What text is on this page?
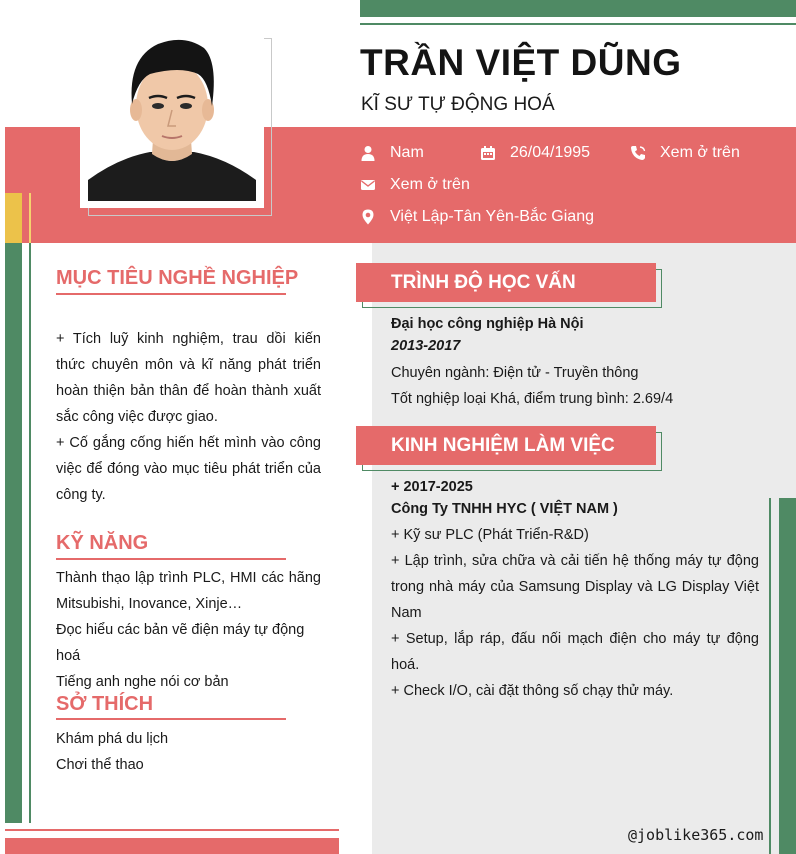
TRẦN VIỆT DŨNG
KĨ SƯ TỰ ĐỘNG HOÁ
Nam	26/04/1995	Xem ở trên
Xem ở trên
Việt Lập-Tân Yên-Bắc Giang
MỤC TIÊU NGHỀ NGHIỆP

+ Tích luỹ kinh nghiệm, trau dồi kiến thức chuyên môn và kĩ năng phát triển hoàn thiện bản thân để hoàn thành xuất sắc công việc được giao.

+ Cố gắng cống hiến hết mình vào công việc để đóng vào mục tiêu phát triển của công ty.

KỸ NĂNG

Thành thạo lập trình PLC, HMI các hãng Mitsubishi, Inovance, Xinje…

Đọc hiểu các bản vẽ điện máy tự động hoá

Tiếng anh nghe nói cơ bản

SỞ THÍCH

Khám phá du lịch

Chơi thể thao

TRÌNH ĐỘ HỌC VẤN
Đại học công nghiệp Hà Nội
2013-2017
Chuyên ngành: Điện tử - Truyền thông
Tốt nghiệp loại Khá, điểm trung bình: 2.69/4
KINH NGHIỆM LÀM VIỆC
+ 2017-2025
Công Ty TNHH HYC ( VIỆT NAM )

+ Kỹ sư PLC (Phát Triển-R&D)

+ Lập trình, sửa chữa và cải tiến hệ thống máy tự động trong nhà máy của Samsung Display và LG Display Việt Nam

+ Setup, lắp ráp, đấu nối mạch điện cho máy tự động hoá.

+ Check I/O, cài đặt thông số chạy thử máy.

@joblike365.com
